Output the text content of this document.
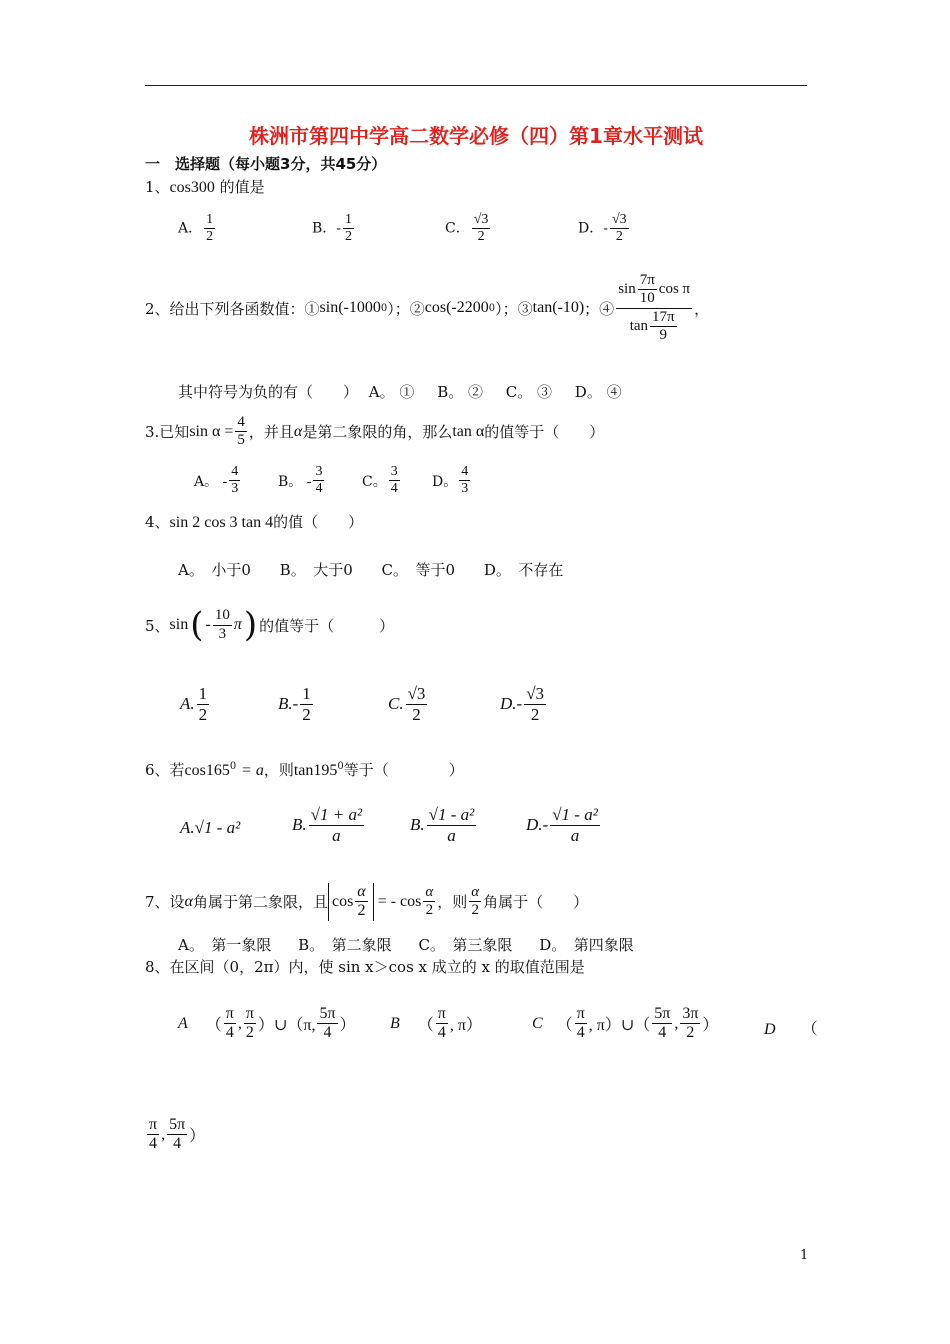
株洲市第四中学高二数学必修（四）第1章水平测试
一　选择题（每小题3分，共45分）
1、cos300 的值是
A． $\frac{1}{2}$	B．- $\frac{1}{2}$	C． $\frac{√3}{2}$	D．- $\frac{√3}{2}$
2、给出下列各函数值：① sin(-1000 0 ）；② cos(-2200 0 ）；③ tan(-10) ；④ $\frac{\sin \frac{7\pi}{10} \cos \pi}{\tan \frac{17\pi}{9}}$ ，
其中符号为负的有（　　） A。 ① B。 ② C。 ③ D。 ④
3.已知 $\sin \alpha = \frac{4}{5}$ ，并且 α 是第二象限的角，那么 tan α 的值等于（　　）
A。 - $\frac{4}{3}$	B。 - $\frac{3}{4}$	C。 $\frac{3}{4}$ D。 $\frac{4}{3}$
4、sin 2 cos 3 tan 4的值（　　）
A。　小于0 B。　大于0 C。　等于0 D。　不存在
5、 sin ( - $\frac{10}{3}$ π ) 的值等于（　　　）
A. $\frac{1}{2}$	$B.- \frac{1}{2}$	C. $\frac{√3}{2}$	$D.- \frac{√3}{2}$
6、若$\cos 165^0 = a$，则$\tan 195^0$等于（　　　　）
A.√1 - a²	B. $\frac{\text{√1 + a²}}{a}$	B. $\frac{\text{√1 - a²}}{a}$	$D.- \frac{\text{√1 - a²}}{a}$
7、设 α 角属于第二象限，且 $\cos \frac{\alpha}{2}$ = - $\cos \frac{\alpha}{2}$ ，则 $\frac{\alpha}{2}$ 角属于（　　）
A。　第一象限 B。　第二象限 C。　第三象限 D。　第四象限
8、在区间（0，2π）内，使 sin x＞cos x 成立的 x 的取值范围是
A （ $\frac{\pi}{4}$ , $\frac{\pi}{2}$ ）∪（π, $\frac{5\pi}{4}$ ） B （ $\frac{\pi}{4}$ , π）	C （ $\frac{\pi}{4}$ , π）∪（ $\frac{5\pi}{4}$ , $\frac{3\pi}{2}$ ）	D （
$\frac{\pi}{4}$ , $\frac{5\pi}{4}$ ）
1
